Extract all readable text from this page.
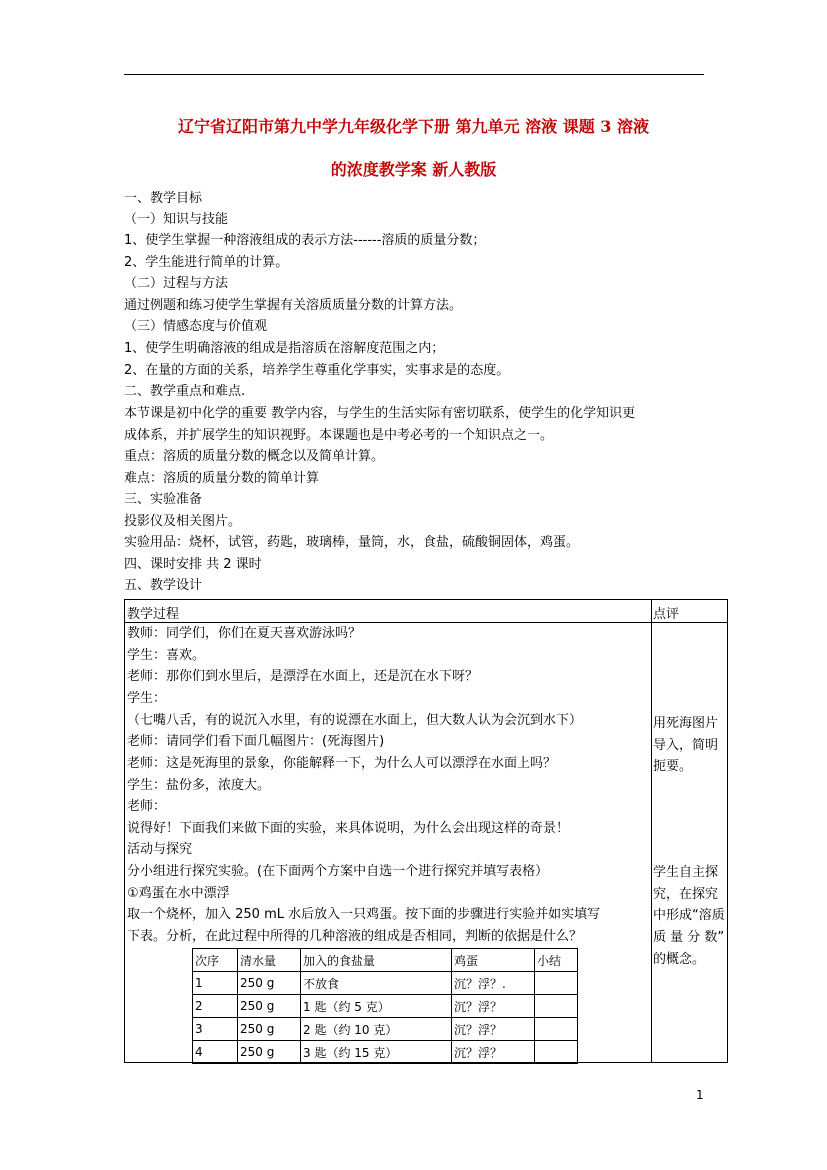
辽宁省辽阳市第九中学九年级化学下册 第九单元 溶液 课题 3 溶液
的浓度教学案 新人教版
一、教学目标
（一）知识与技能
1、使学生掌握一种溶液组成的表示方法------溶质的质量分数；
2、学生能进行简单的计算。
（二）过程与方法
通过例题和练习使学生掌握有关溶质质量分数的计算方法。
（三）情感态度与价值观
1、使学生明确溶液的组成是指溶质在溶解度范围之内；
2、在量的方面的关系，培养学生尊重化学事实，实事求是的态度。
二、教学重点和难点.
本节课是初中化学的重要 教学内容，与学生的生活实际有密切联系，使学生的化学知识更
成体系，并扩展学生的知识视野。本课题也是中考必考的一个知识点之一。
重点：溶质的质量分数的概念以及简单计算。
难点：溶质的质量分数的简单计算
三、实验准备
投影仪及相关图片。
实验用品：烧杯，试管，药匙，玻璃棒，量筒，水，食盐，硫酸铜固体，鸡蛋。
四、课时安排 共 2 课时
五、教学设计
教学过程	点评
教师：同学们，你们在夏天喜欢游泳吗？
学生：喜欢。
老师：那你们到水里后，是漂浮在水面上，还是沉在水下呀？
学生：
（七嘴八舌，有的说沉入水里，有的说漂在水面上，但大数人认为会沉到水下）
老师：请同学们看下面几幅图片：(死海图片)
老师：这是死海里的景象，你能解释一下，为什么人可以漂浮在水面上吗？
学生：盐份多，浓度大。
老师：
说得好！下面我们来做下面的实验，来具体说明，为什么会出现这样的奇景！
活动与探究
分小组进行探究实验。(在下面两个方案中自选一个进行探究并填写表格）
①鸡蛋在水中漂浮
取一个烧杯，加入 250 mL 水后放入一只鸡蛋。按下面的步骤进行实验并如实填写
下表。分析，在此过程中所得的几种溶液的组成是否相同，判断的依据是什么？
用死海图片
导入，简明
扼要。
学生自主探
究，在探究
中形成“溶质
质 量 分 数”
的概念。
次序	清水量	加入的食盐量	鸡蛋	小结
1	250 g	不放食	沉？浮？.	
2	250 g	1 匙（约 5 克）	沉？浮？	
3	250 g	2 匙（约 10 克）	沉？浮？	
4	250 g	3 匙（约 15 克）	沉？浮？	
1
